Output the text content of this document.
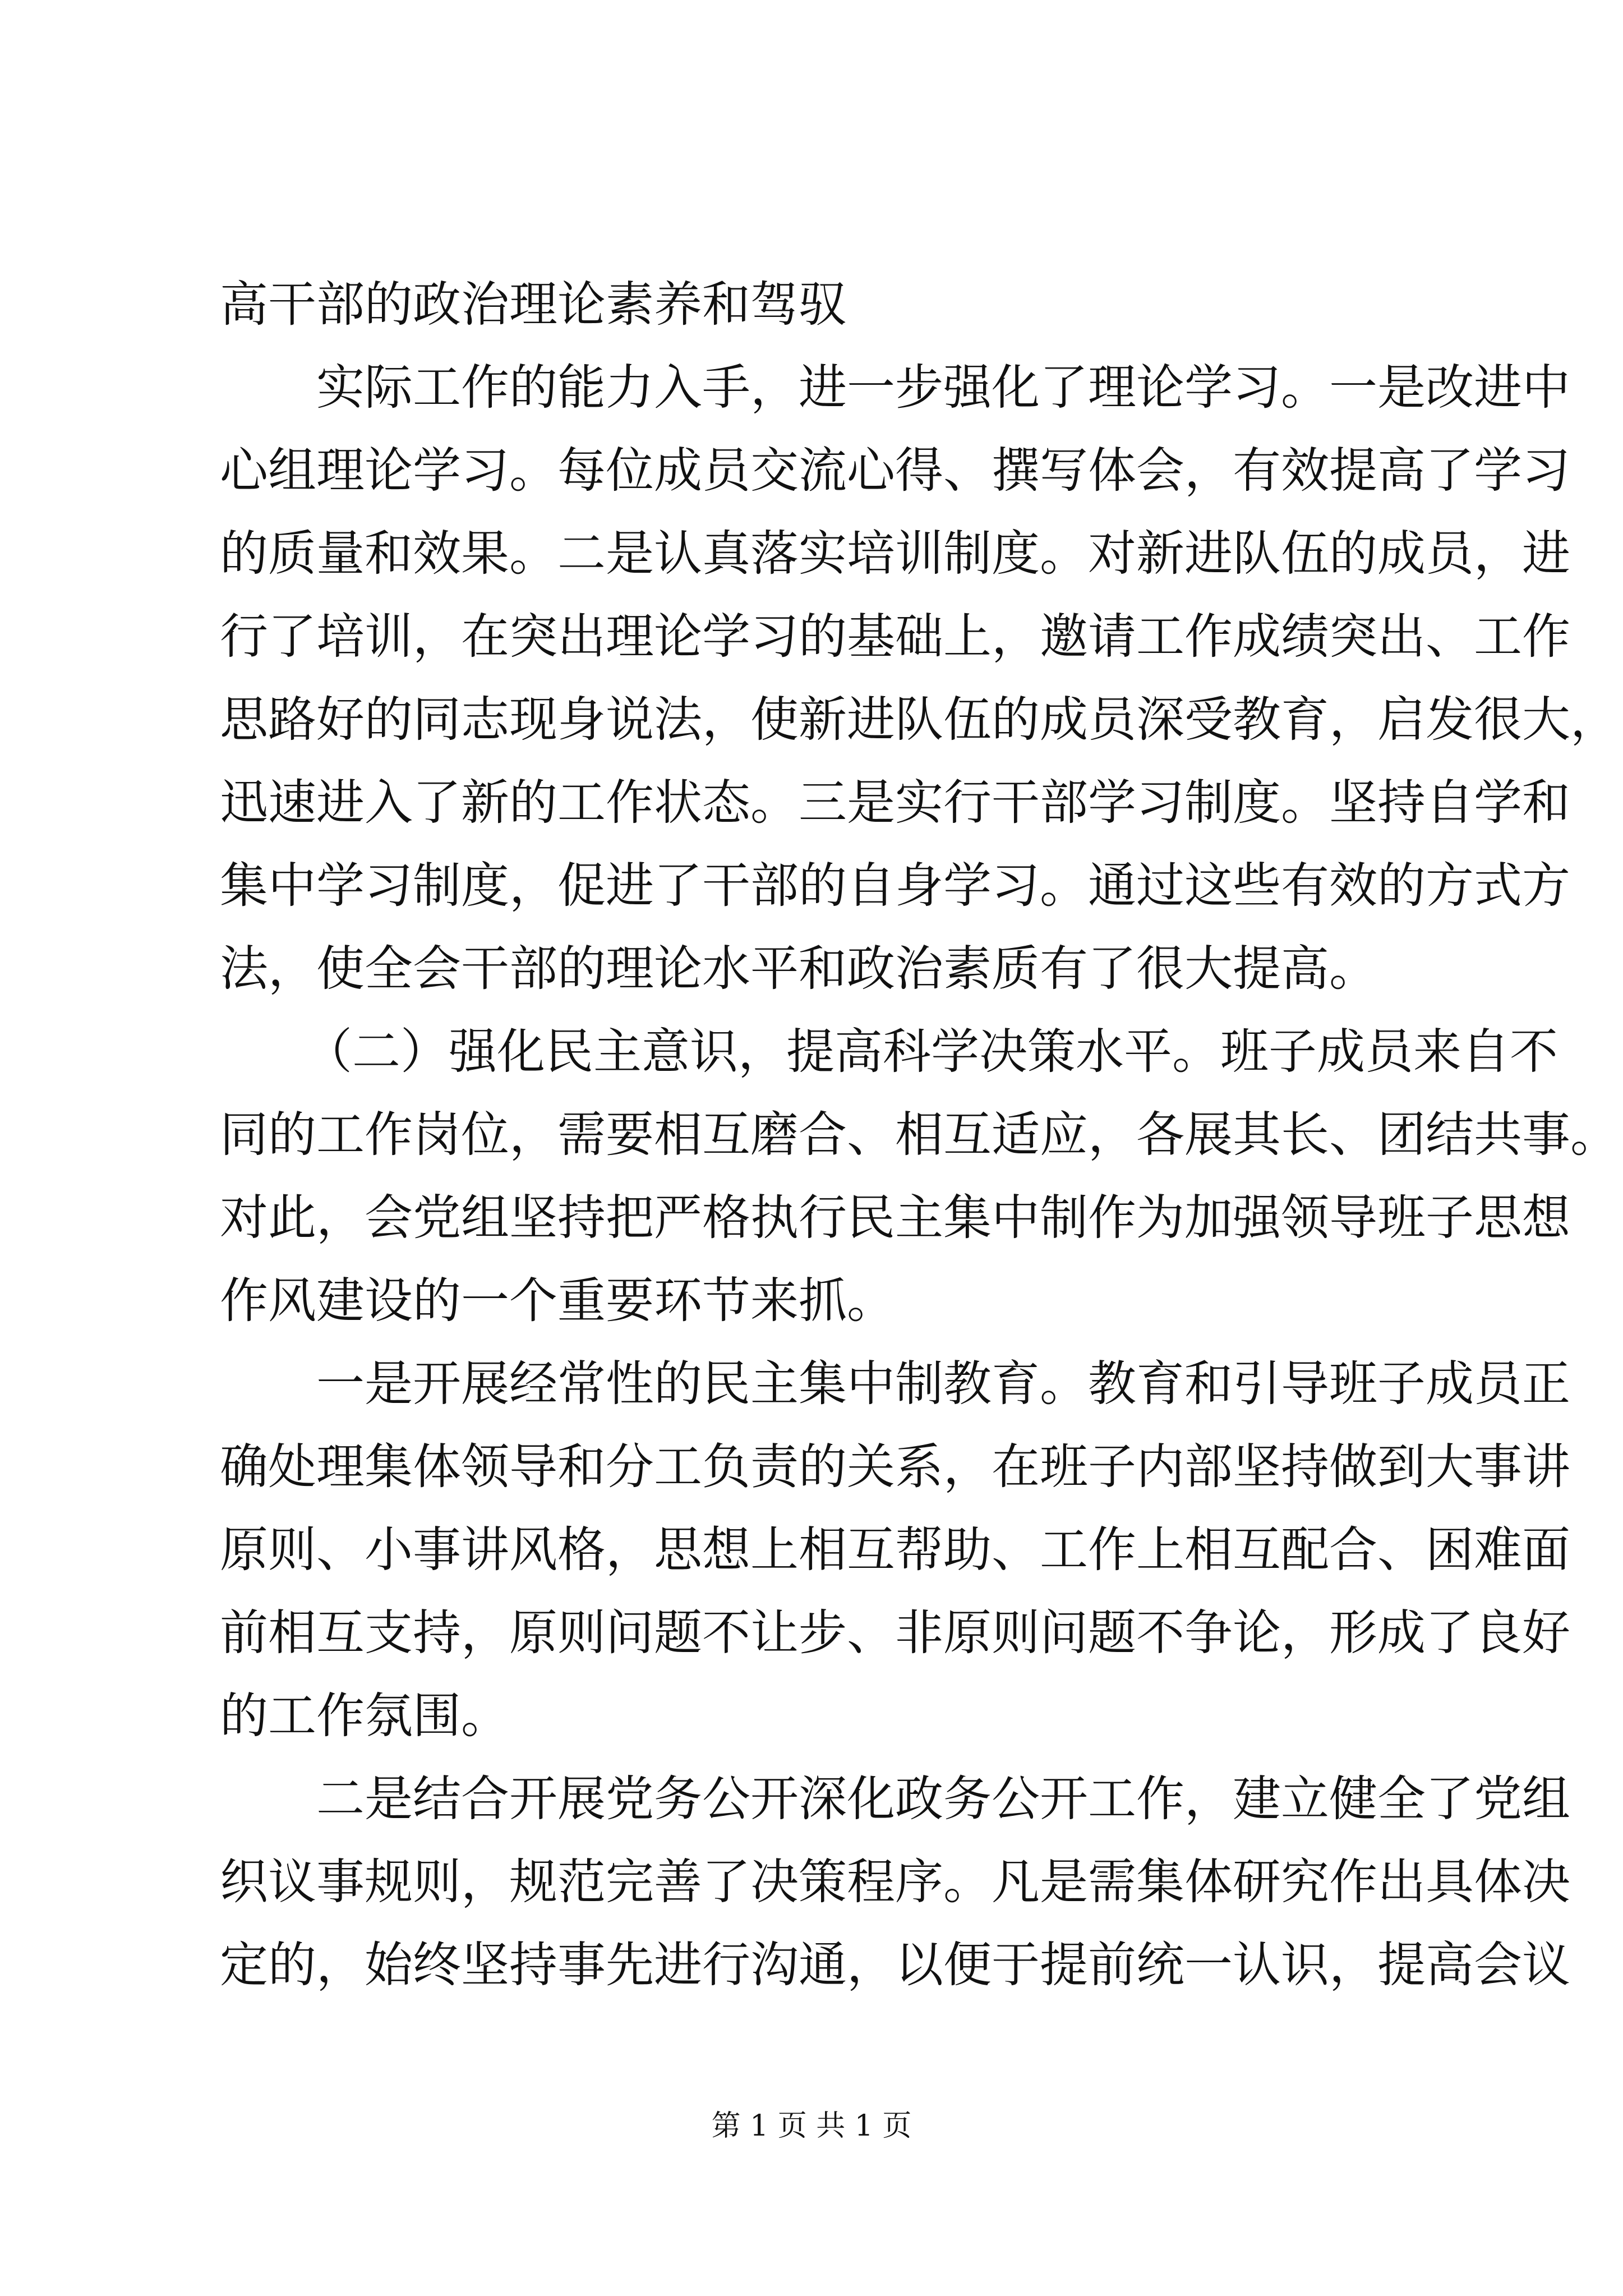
高干部的政治理论素养和驾驭
实际工作的能力入手，进一步强化了理论学习。一是改进中
心组理论学习。每位成员交流心得、撰写体会，有效提高了学习
的质量和效果。二是认真落实培训制度。对新进队伍的成员，进
行了培训，在突出理论学习的基础上，邀请工作成绩突出、工作
思路好的同志现身说法，使新进队伍的成员深受教育，启发很大，
迅速进入了新的工作状态。三是实行干部学习制度。坚持自学和
集中学习制度，促进了干部的自身学习。通过这些有效的方式方
法，使全会干部的理论水平和政治素质有了很大提高。
（二）强化民主意识，提高科学决策水平。班子成员来自不
同的工作岗位，需要相互磨合、相互适应，各展其长、团结共事。
对此，会党组坚持把严格执行民主集中制作为加强领导班子思想
作风建设的一个重要环节来抓。
一是开展经常性的民主集中制教育。教育和引导班子成员正
确处理集体领导和分工负责的关系，在班子内部坚持做到大事讲
原则、小事讲风格，思想上相互帮助、工作上相互配合、困难面
前相互支持，原则问题不让步、非原则问题不争论，形成了良好
的工作氛围。
二是结合开展党务公开深化政务公开工作，建立健全了党组
织议事规则，规范完善了决策程序。凡是需集体研究作出具体决
定的，始终坚持事先进行沟通，以便于提前统一认识，提高会议
第 1 页 共 1 页
